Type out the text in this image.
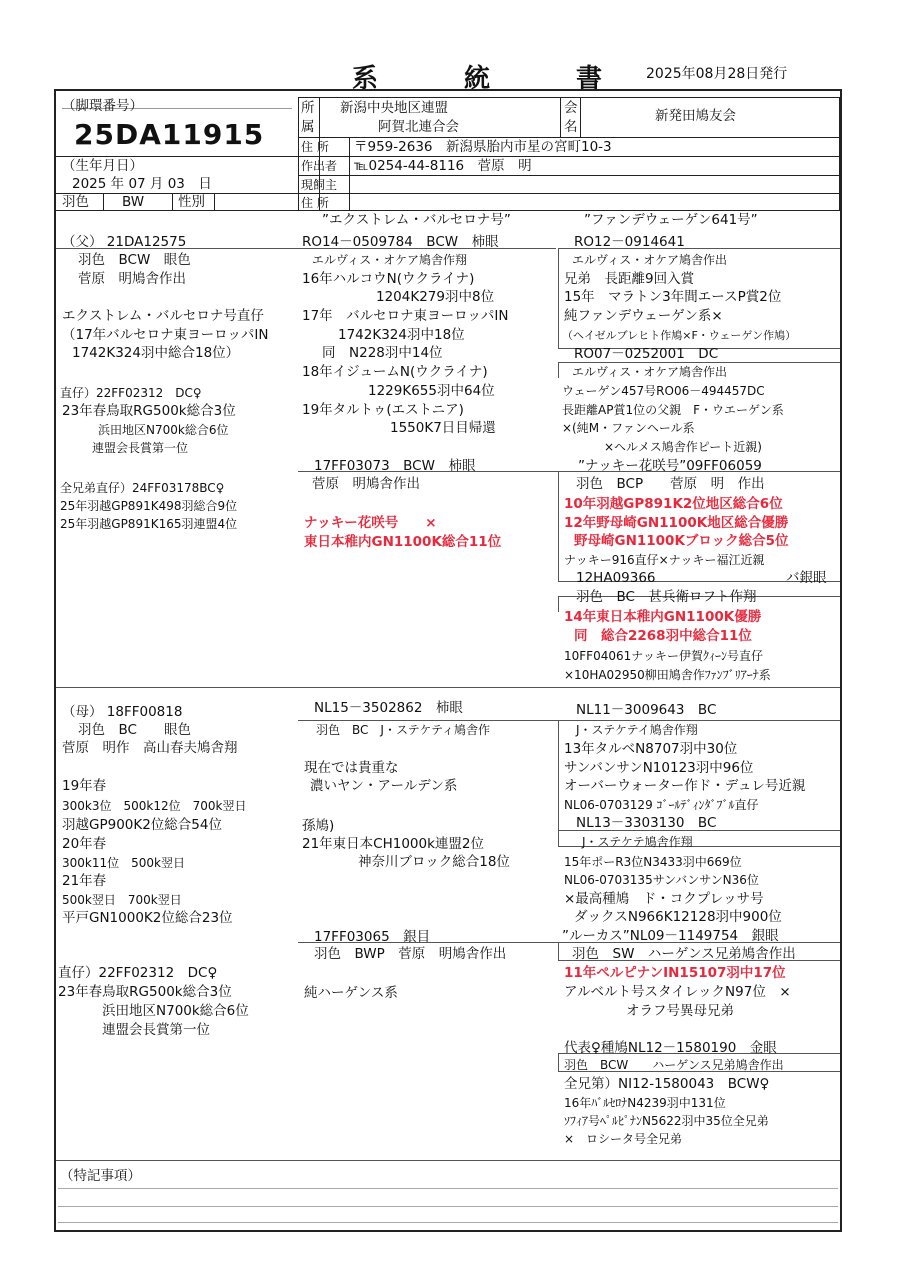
系　統　書 2025年08月28日発行
（脚環番号）
25DA11915
（生年月日）
2025 年 07 月 03　日
羽色 BW	性別
所
属
新潟中央地区連盟
阿賀北連合会
会
名
新発田鳩友会
住 所 〒959-2636　新潟県胎内市星の宮町10-3
作出者 ℡0254-44-8116　菅原　明
現飼主
住 所
（父） 21DA12575
羽色　BCW　眼色
菅原　明鳩舎作出
エクストレム・バルセロナ号直仔
（17年バルセロナ東ヨーロッパIN
1742K324羽中総合18位）
直仔）22FF02312　DC♀
23年春鳥取RG500k総合3位
浜田地区N700k総合6位
連盟会長賞第一位
全兄弟直仔）24FF03178BC♀
25年羽越GP891K498羽総合9位
25年羽越GP891K165羽連盟4位
”エクストレム・バルセロナ号”
RO14－0509784　BCW　柿眼
エルヴィス・オケア鳩舎作翔
16年ハルコウN(ウクライナ)
1204K279羽中8位
17年　バルセロナ東ヨーロッパIN
1742K324羽中18位
同　N228羽中14位
18年イジュームN(ウクライナ)
1229K655羽中64位
19年タルトゥ(エストニア)
1550K7日目帰還
”ファンデウェーゲン641号”
RO12－0914641
エルヴィス・オケア鳩舎作出
兄弟　長距離9回入賞
15年　マラトン3年間エースP賞2位
純ファンデウェーゲン系×
（ヘイゼルブレヒト作鳩×F・ウェーゲン作鳩）
RO07－0252001　DC
エルヴィス・オケア鳩舎作出
ウェーゲン457号RO06－494457DC
長距離AP賞1位の父親　F・ウエーゲン系
×(純M・ファンヘール系
×ヘルメス鳩舎作ピート近親)
17FF03073　BCW　柿眼
菅原　明鳩舎作出
ナッキー花咲号　　×
東日本稚内GN1100K総合11位
”ナッキー花咲号”09FF06059
羽色　BCP　　菅原　明　作出
10年羽越GP891K2位地区総合6位
12年野母崎GN1100K地区総合優勝
野母崎GN1100Kブロック総合5位
ナッキー916直仔×ナッキー福江近親
12HA09366	バ銀眼
羽色　BC　甚兵衛ロフト作翔
14年東日本稚内GN1100K優勝
同　総合2268羽中総合11位
10FF04061ナッキー伊賀ｸｨｰﾝ号直仔
×10HA02950柳田鳩舎作ﾌｧﾝﾌﾞﾘｱｰﾅ系
（母） 18FF00818
羽色　BC　　眼色
菅原　明作　高山春夫鳩舎翔
19年春
300k3位　500k12位　700k翌日
羽越GP900K2位総合54位
20年春
300k11位　500k翌日
21年春
500k翌日　700k翌日
平戸GN1000K2位総合23位
直仔）22FF02312　DC♀
23年春鳥取RG500k総合3位
浜田地区N700k総合6位
連盟会長賞第一位
NL15－3502862　柿眼
羽色　BC　J・ステケティ鳩舎作
現在では貴重な
濃いヤン・アールデン系
孫鳩)
21年東日本CH1000k連盟2位
神奈川ブロック総合18位
NL11－3009643　BC
J・ステケテイ鳩舎作翔
13年タルベN8707羽中30位
サンバンサンN10123羽中96位
オーバーウォーター作ド・デュレ号近親
NL06-0703129 ｺﾞｰﾙﾃﾞｨﾝﾀﾞﾌﾞﾙ直仔
NL13－3303130　BC
J・ステケテ鳩舎作翔
15年ポーR3位N3433羽中669位
NL06-0703135サンバンサンN36位
×最高種鳩　ド・コクプレッサ号
ダックスN966K12128羽中900位
17FF03065　銀目
羽色　BWP　菅原　明鳩舎作出
純ハーゲンス系
”ルーカス”NL09－1149754　銀眼
羽色　SW　ハーゲンス兄弟鳩舎作出
11年ペルピナンIN15107羽中17位
アルベルト号スタイレックN97位　×
オラフ号異母兄弟
代表♀種鳩NL12－1580190　金眼
羽色　BCW　　ハーゲンス兄弟鳩舎作出
全兄第）NI12-1580043　BCW♀
16年ﾊﾞﾙｾﾛﾅN4239羽中131位
ｿﾌｨｱ号ﾍﾟﾙﾋﾟﾅﾝN5622羽中35位全兄弟
×　ロシータ号全兄弟
（特記事項）
